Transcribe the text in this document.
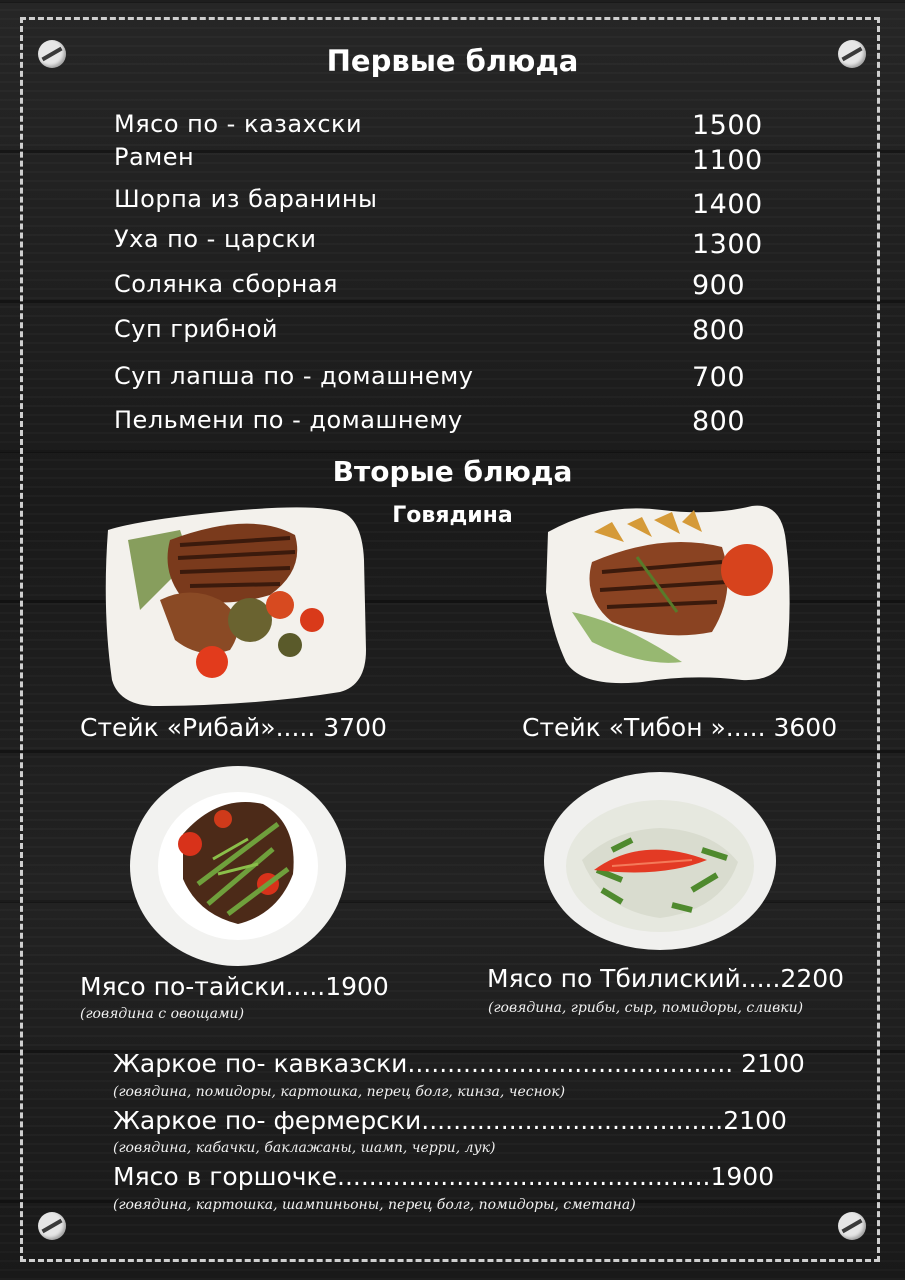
Первые блюда
Мясо по - казахски	1500
Рамен	1100
Шорпа из баранины	1400
Уха по - царски	1300
Солянка сборная	900
Суп грибной	800
Суп лапша по - домашнему	700
Пельмени по - домашнему	800
Вторые блюда
Говядина
Стейк «Рибай»..... 3700	Стейк «Тибон »..... 3600
Мясо по-тайски.....1900
(говядина с овощами)
Мясо по Тбилиский.....2200
(говядина, грибы, сыр, помидоры, сливки)
Жаркое по- кавказски......................................... 2100
(говядина, помидоры, картошка, перец болг, кинза, чеснок)
Жаркое по- фермерски......................................2100
(говядина, кабачки, баклажаны, шамп, черри, лук)
Мясо в горшочке...............................................1900
(говядина, картошка, шампиньоны, перец болг, помидоры, сметана)
